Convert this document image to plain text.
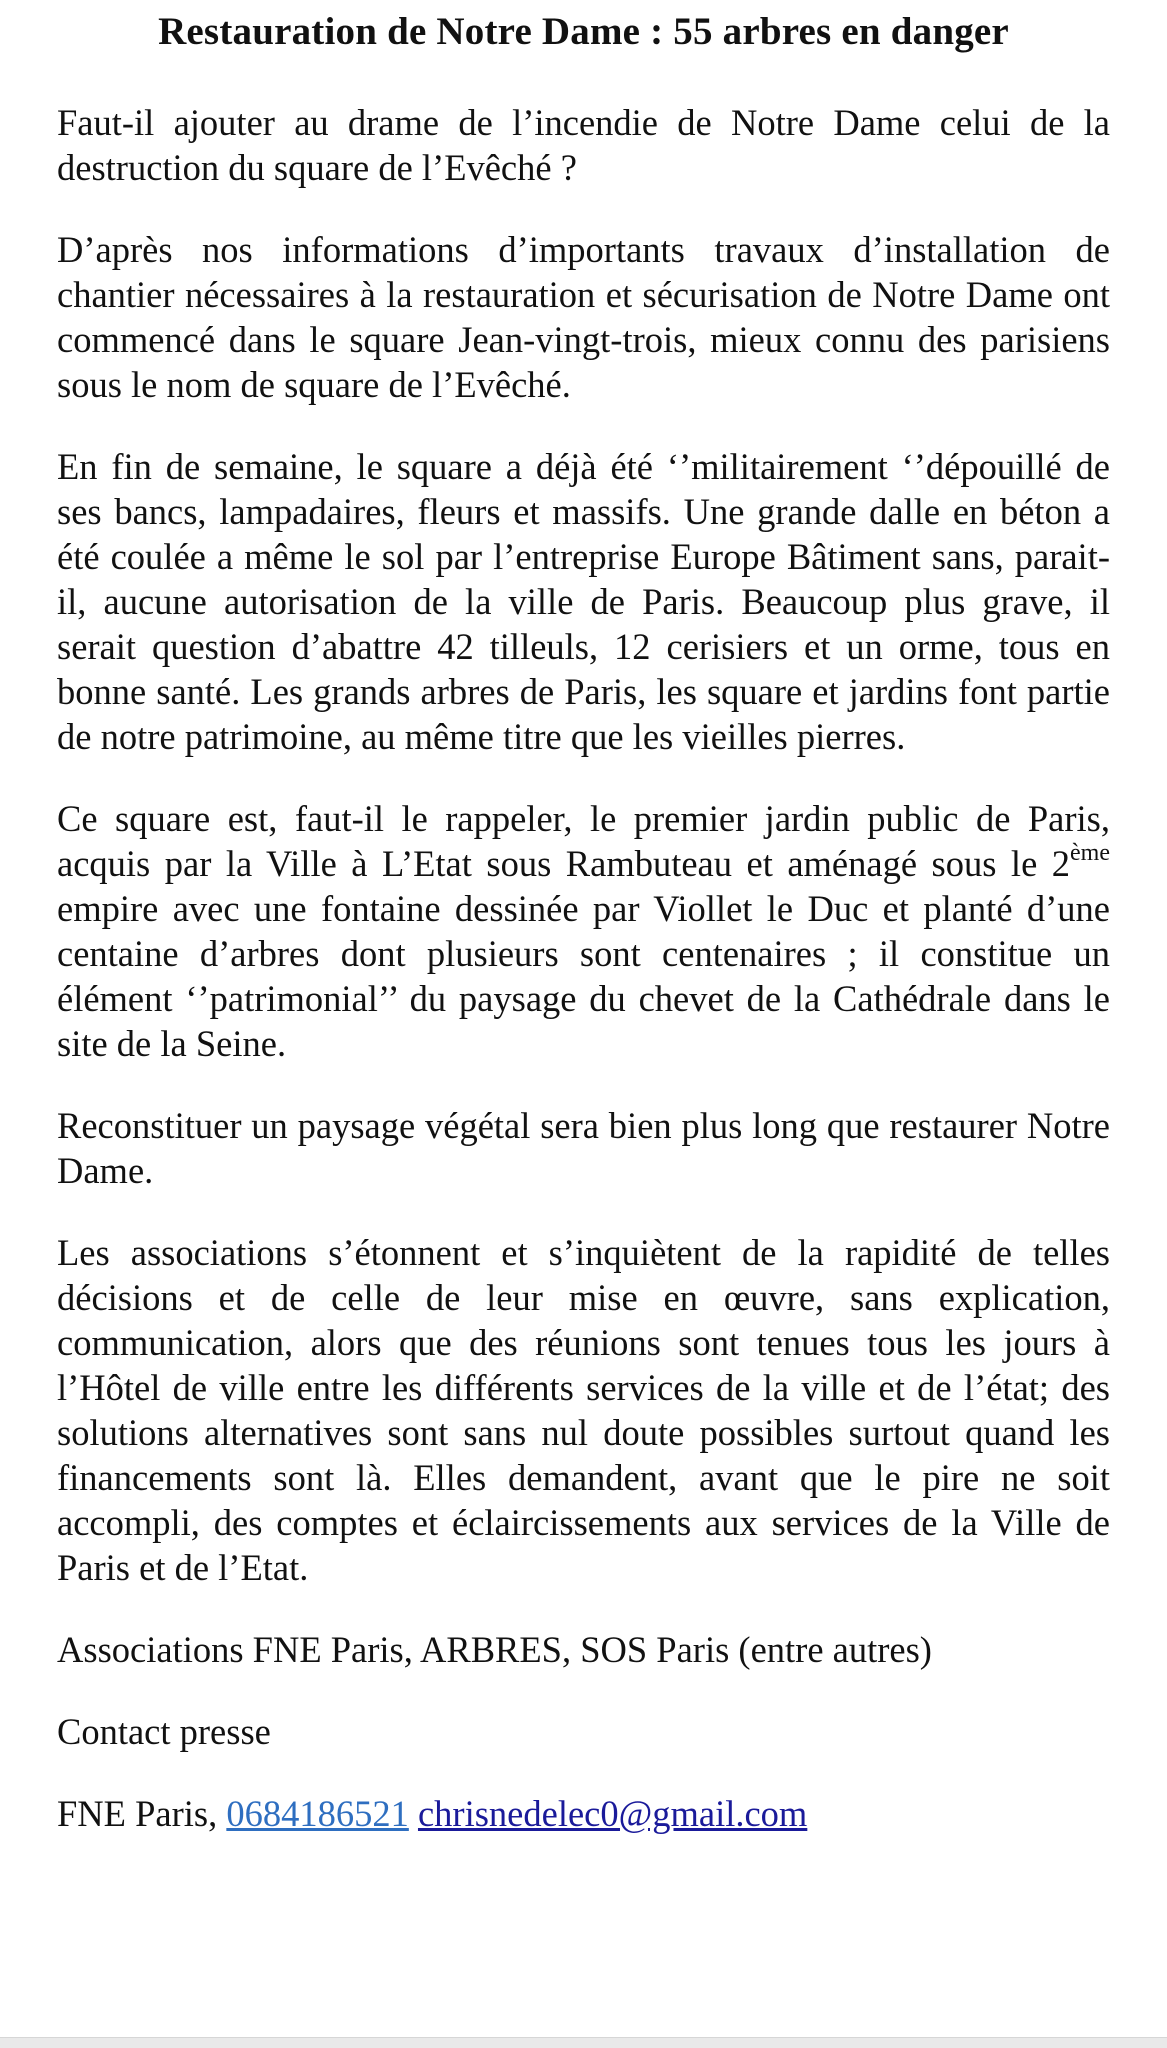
Restauration de Notre Dame : 55 arbres en danger

Faut-il ajouter au drame de l’incendie de Notre Dame celui de la destruction du square de l’Evêché ?

D’après nos informations d’importants travaux d’installation de chantier nécessaires à la restauration et sécurisation de Notre Dame ont commencé dans le square Jean-vingt-trois, mieux connu des parisiens sous le nom de square de l’Evêché.

En fin de semaine, le square a déjà été ‘’militairement ‘’dépouillé de ses bancs, lampadaires, fleurs et massifs. Une grande dalle en béton a été coulée a même le sol par l’entreprise Europe Bâtiment sans, parait-il, aucune autorisation de la ville de Paris. Beaucoup plus grave, il serait question d’abattre 42 tilleuls, 12 cerisiers et un orme, tous en bonne santé. Les grands arbres de Paris, les square et jardins font partie de notre patrimoine, au même titre que les vieilles pierres.

Ce square est, faut-il le rappeler, le premier jardin public de Paris, acquis par la Ville à L’Etat sous Rambuteau et aménagé sous le 2ème empire avec une fontaine dessinée par Viollet le Duc et planté d’une centaine d’arbres dont plusieurs sont centenaires ; il constitue un élément ‘’patrimonial’’ du paysage du chevet de la Cathédrale dans le site de la Seine.

Reconstituer un paysage végétal sera bien plus long que restaurer Notre Dame.

Les associations s’étonnent et s’inquiètent de la rapidité de telles décisions et de celle de leur mise en œuvre, sans explication, communication, alors que des réunions sont tenues tous les jours à l’Hôtel de ville entre les différents services de la ville et de l’état; des solutions alternatives sont sans nul doute possibles surtout quand les financements sont là. Elles demandent, avant que le pire ne soit accompli, des comptes et éclaircissements aux services de la Ville de Paris et de l’Etat.

Associations FNE Paris, ARBRES, SOS Paris (entre autres)

Contact presse

FNE Paris, 0684186521 chrisnedelec0@gmail.com
